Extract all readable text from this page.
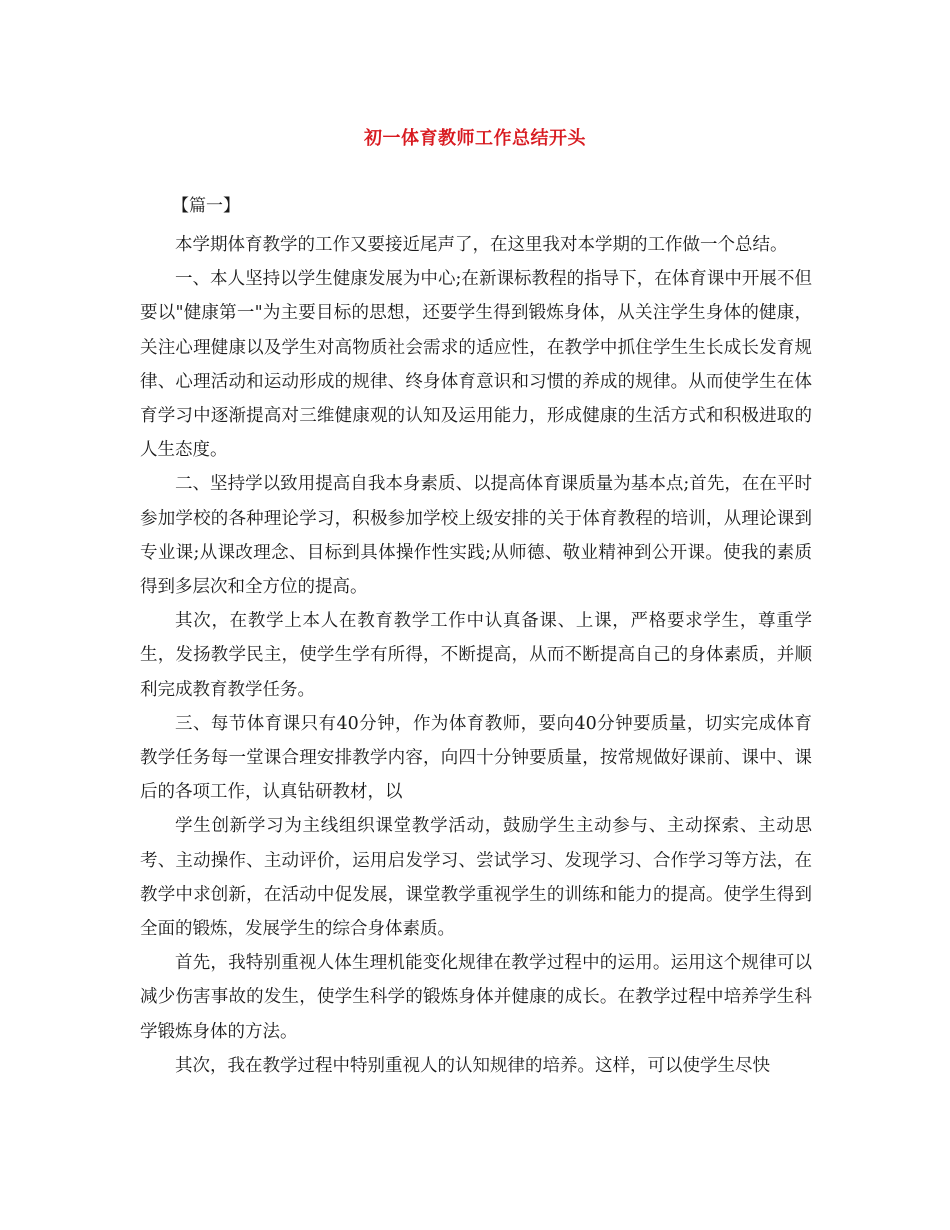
初一体育教师工作总结开头
【篇一】

本学期体育教学的工作又要接近尾声了，在这里我对本学期的工作做一个总结。

一、本人坚持以学生健康发展为中心;在新课标教程的指导下，在体育课中开展不但要以"健康第一"为主要目标的思想，还要学生得到锻炼身体，从关注学生身体的健康，关注心理健康以及学生对高物质社会需求的适应性，在教学中抓住学生生长成长发育规律、心理活动和运动形成的规律、终身体育意识和习惯的养成的规律。从而使学生在体育学习中逐渐提高对三维健康观的认知及运用能力，形成健康的生活方式和积极进取的人生态度。

二、坚持学以致用提高自我本身素质、以提高体育课质量为基本点;首先，在在平时参加学校的各种理论学习，积极参加学校上级安排的关于体育教程的培训，从理论课到专业课;从课改理念、目标到具体操作性实践;从师德、敬业精神到公开课。使我的素质得到多层次和全方位的提高。

其次，在教学上本人在教育教学工作中认真备课、上课，严格要求学生，尊重学生，发扬教学民主，使学生学有所得，不断提高，从而不断提高自己的身体素质，并顺利完成教育教学任务。

三、每节体育课只有40分钟，作为体育教师，要向40分钟要质量，切实完成体育教学任务每一堂课合理安排教学内容，向四十分钟要质量，按常规做好课前、课中、课后的各项工作，认真钻研教材，以

学生创新学习为主线组织课堂教学活动，鼓励学生主动参与、主动探索、主动思考、主动操作、主动评价，运用启发学习、尝试学习、发现学习、合作学习等方法，在教学中求创新，在活动中促发展，课堂教学重视学生的训练和能力的提高。使学生得到全面的锻炼，发展学生的综合身体素质。

首先，我特别重视人体生理机能变化规律在教学过程中的运用。运用这个规律可以减少伤害事故的发生，使学生科学的锻炼身体并健康的成长。在教学过程中培养学生科学锻炼身体的方法。

其次，我在教学过程中特别重视人的认知规律的培养。这样，可以使学生尽快
